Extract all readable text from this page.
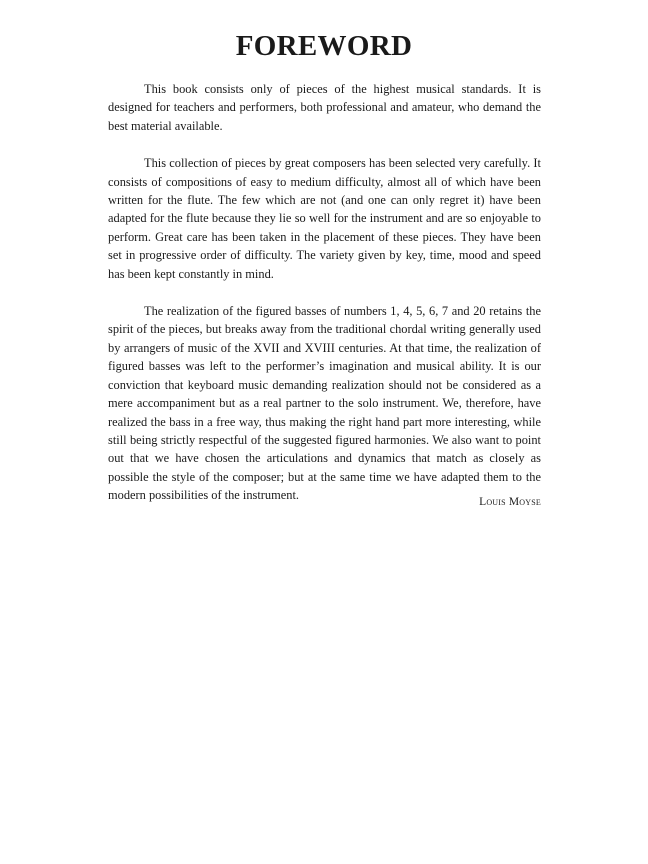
FOREWORD

This book consists only of pieces of the highest musical standards. It is designed for teachers and performers, both professional and amateur, who demand the best material available.

This collection of pieces by great composers has been selected very carefully. It consists of compositions of easy to medium difficulty, almost all of which have been written for the flute. The few which are not (and one can only regret it) have been adapted for the flute because they lie so well for the instrument and are so enjoyable to perform. Great care has been taken in the placement of these pieces. They have been set in progressive order of difficulty. The variety given by key, time, mood and speed has been kept constantly in mind.

The realization of the figured basses of numbers 1, 4, 5, 6, 7 and 20 retains the spirit of the pieces, but breaks away from the traditional chordal writing generally used by arrangers of music of the XVII and XVIII centuries. At that time, the realization of figured basses was left to the performer’s imagination and musical ability. It is our conviction that keyboard music demanding realization should not be considered as a mere accompaniment but as a real partner to the solo instrument. We, therefore, have realized the bass in a free way, thus making the right hand part more interesting, while still being strictly respectful of the suggested figured harmonies. We also want to point out that we have chosen the articulations and dynamics that match as closely as possible the style of the composer; but at the same time we have adapted them to the modern possibilities of the instrument.	Louis Moyse
